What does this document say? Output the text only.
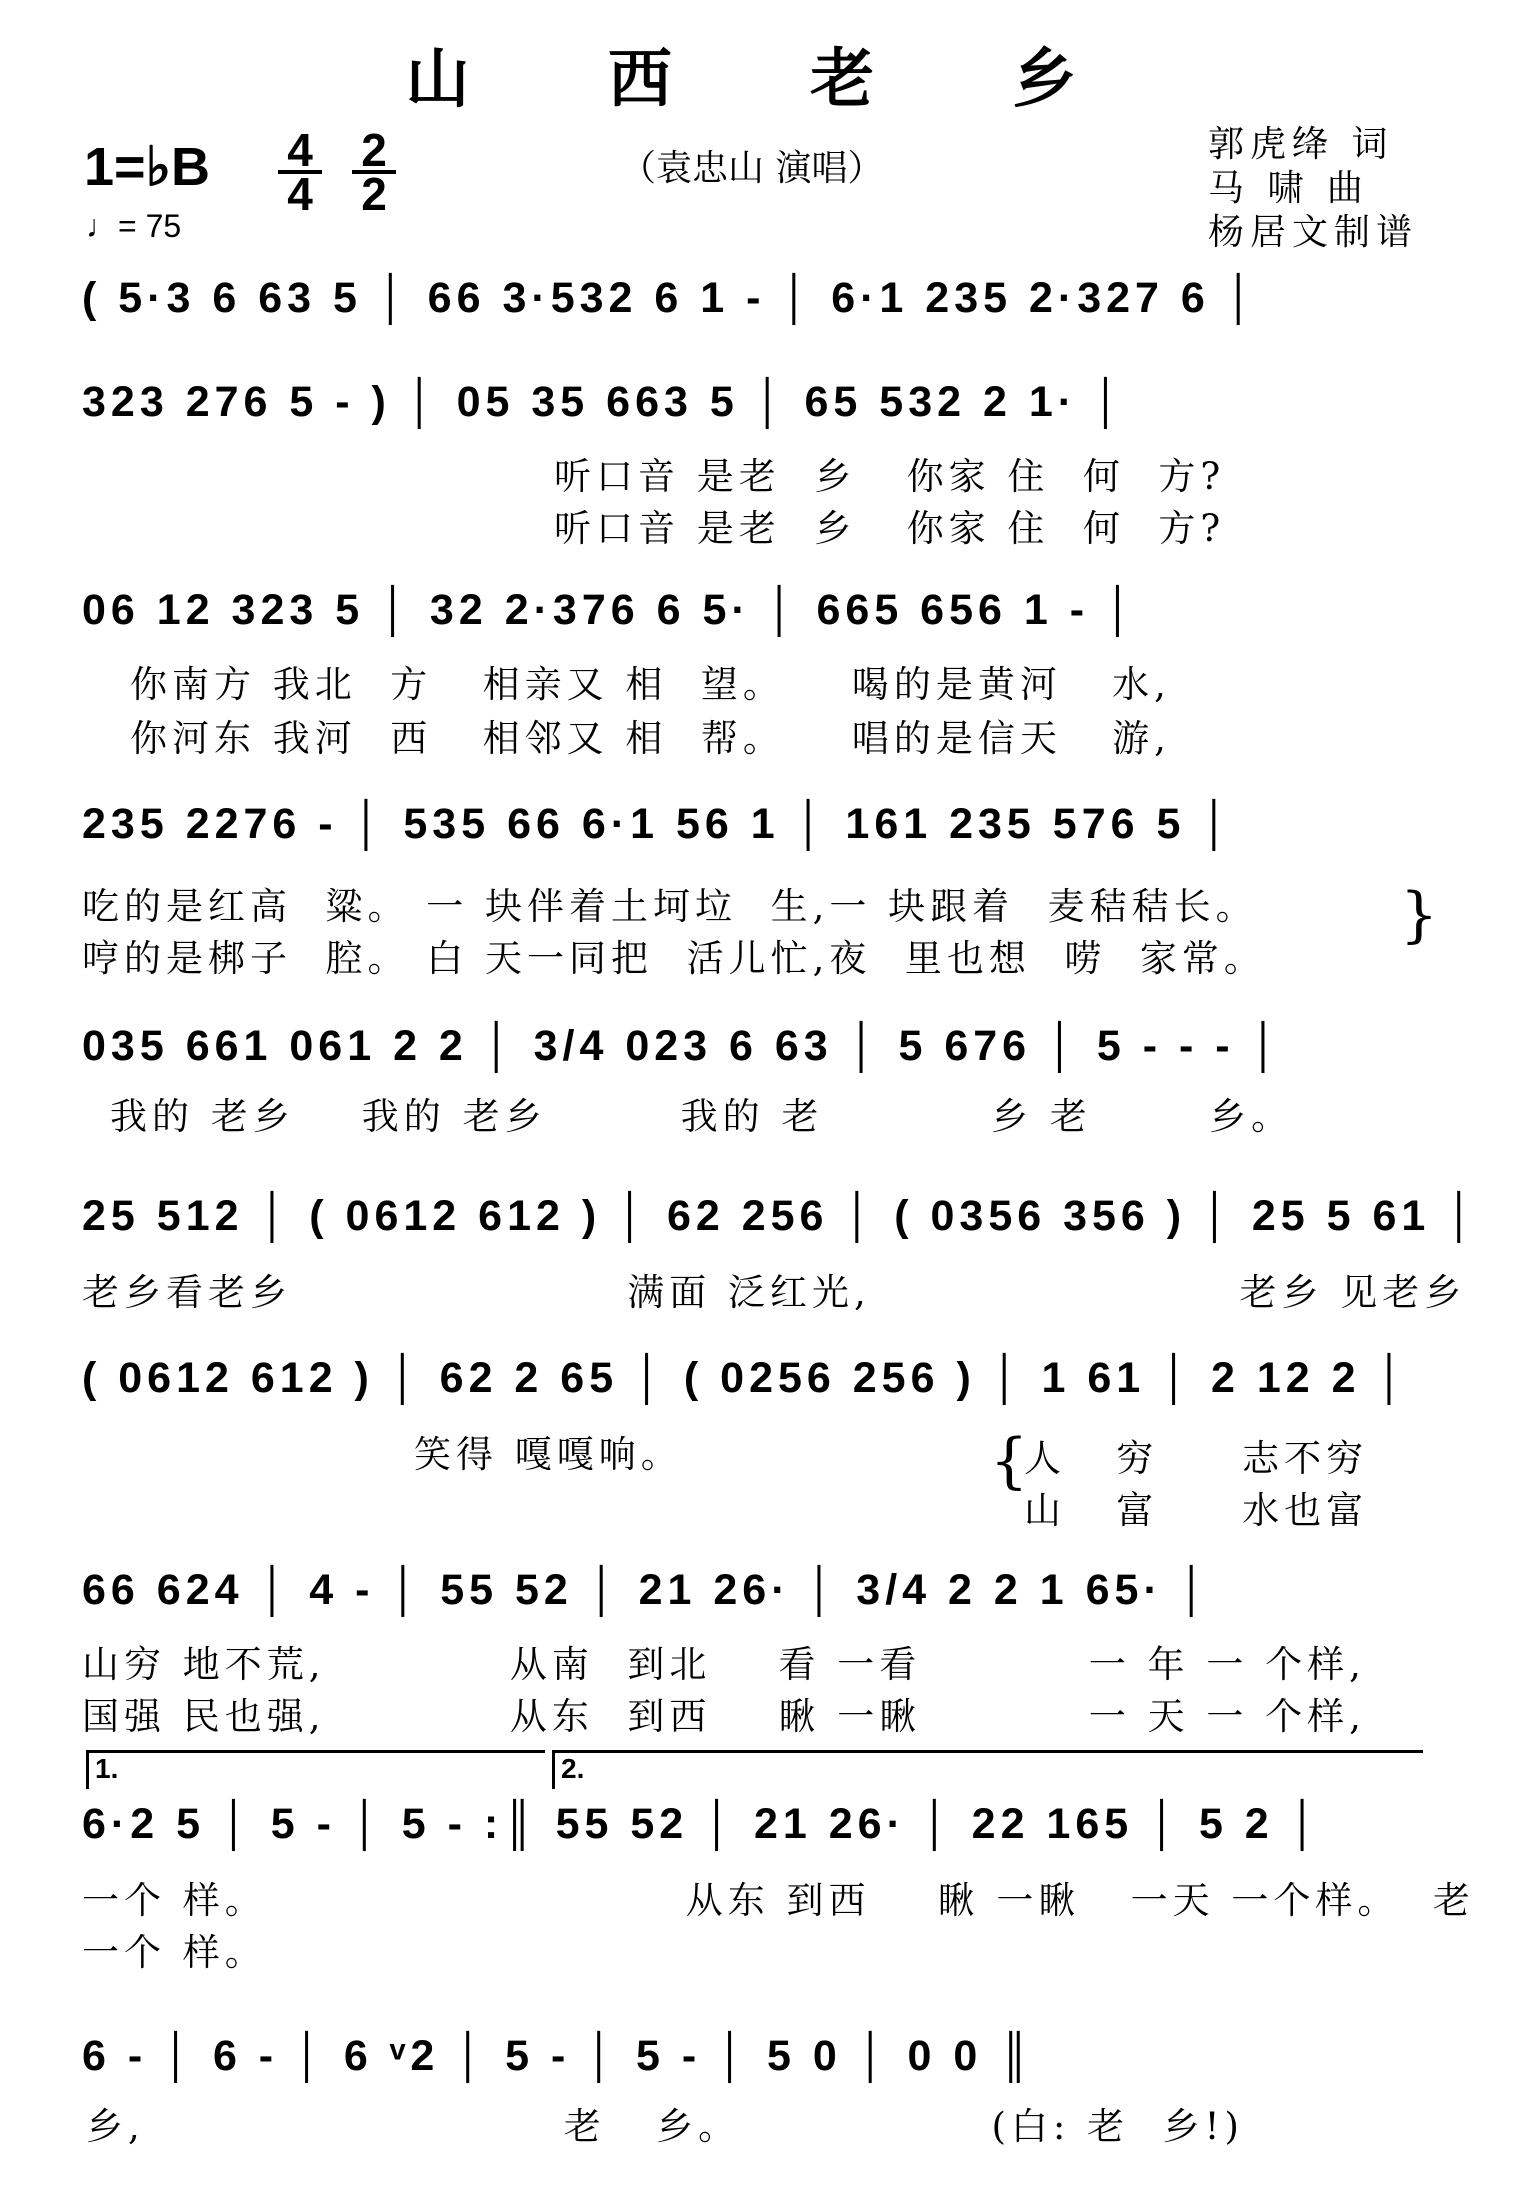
山 西 老 乡
1=♭B 4
4
2
2
♩= 75
（袁忠山 演唱）
郭虎绛 词
马 啸 曲
杨居文制谱
( 5·3 6 63 5 │ 66 3·532 6 1 - │ 6·1 235 2·327 6 │
323 276 5 - ) │ 05 35 663 5 │ 65 532 2 1· │
听口音 是老  乡   你家 住  何  方?
听口音 是老  乡   你家 住  何  方?
06 12 323 5 │ 32 2·376 6 5· │ 665 656 1 - │
你南方 我北  方   相亲又 相  望。    喝的是黄河   水,
你河东 我河  西   相邻又 相  帮。    唱的是信天   游,
235 2276 - │ 535 66 6·1 56 1 │ 161 235 576 5 │
吃的是红高  粱。 一 块伴着土坷垃  生,一 块跟着  麦秸秸长。
哼的是梆子  腔。 白 天一同把  活儿忙,夜  里也想  唠  家常。
}
035 661 061 2 2 │ 3/4 023 6 63 │ 5 676 │ 5 - - - │
我的 老乡    我的 老乡        我的 老          乡 老       乡。
25 512 │ ( 0612 612 ) │ 62 256 │ ( 0356 356 ) │ 25 5 61 │
老乡看老乡                    满面 泛红光,                      老乡 见老乡
( 0612 612 ) │ 62 2 65 │ ( 0256 256 ) │ 1 61 │ 2 12 2 │
笑得 嘎嘎响。	{
人   穷     志不穷
山   富     水也富
66 624 │ 4 - │ 55 52 │ 21 26· │ 3/4 2 2 1 65· │
山穷 地不荒,           从南  到北    看 一看          一 年 一 个样,
国强 民也强,           从东  到西    瞅 一瞅          一 天 一 个样,
1.	2.
6·2 5 │ 5 - │ 5 - :║ 55 52 │ 21 26· │ 22 165 │ 5 2 │
一个 样。                         从东 到西    瞅 一瞅   一天 一个样。  老
一个 样。
6 - │ 6 - │ 6 ᵛ2 │ 5 - │ 5 - │ 5 0 │ 0 0 ║
乡,                         老   乡。               (白: 老  乡!)
